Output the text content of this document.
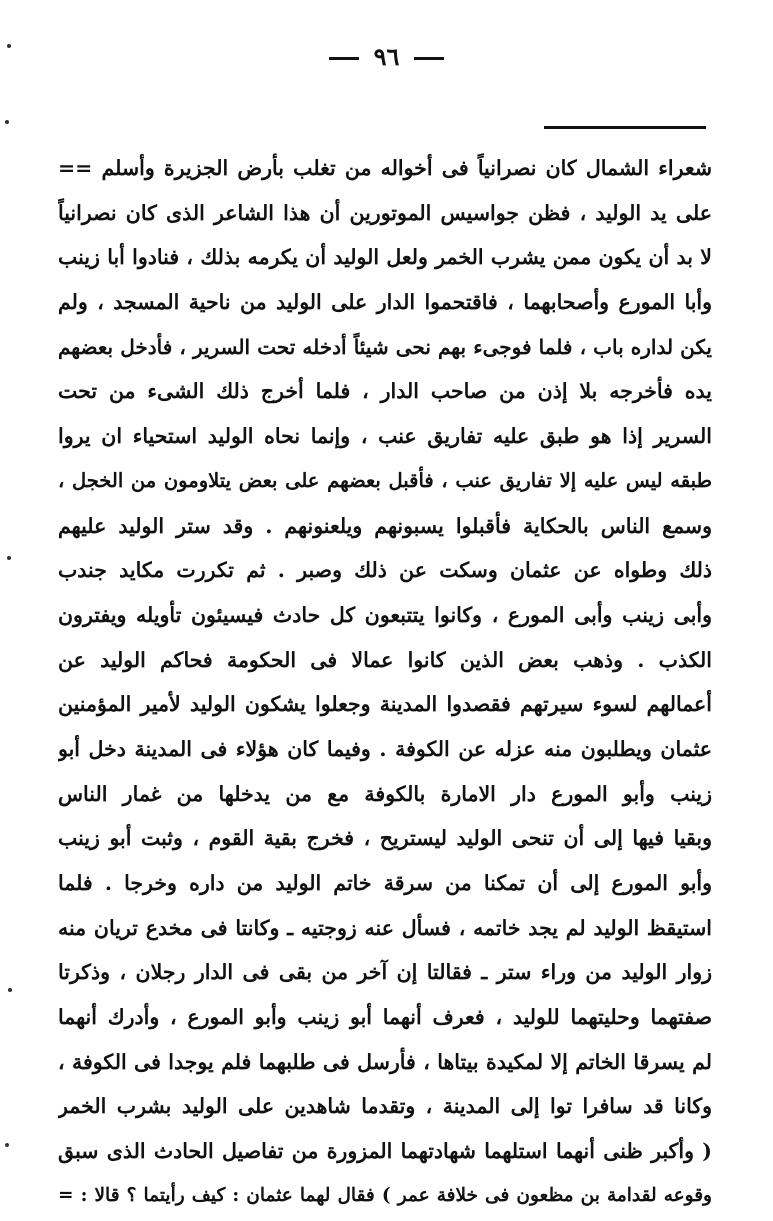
٩٦
شعراء الشمال كان نصرانياً فى أخواله من تغلب بأرض الجزيرة وأسلم ==
على يد الوليد ، فظن جواسيس الموتورين أن هذا الشاعر الذى كان نصرانياً
لا بد أن يكون ممن يشرب الخمر ولعل الوليد أن يكرمه بذلك ، فنادوا أبا زينب
وأبا المورع وأصحابهما ، فاقتحموا الدار على الوليد من ناحية المسجد ، ولم
يكن لداره باب ، فلما فوجىء بهم نحى شيئاً أدخله تحت السرير ، فأدخل بعضهم
يده فأخرجه بلا إذن من صاحب الدار ، فلما أخرج ذلك الشىء من تحت
السرير إذا هو طبق عليه تفاريق عنب ، وإنما نحاه الوليد استحياء ان يروا
طبقه ليس عليه إلا تفاريق عنب ، فأقبل بعضهم على بعض يتلاومون من الخجل ،
وسمع الناس بالحكاية فأقبلوا يسبونهم ويلعنونهم . وقد ستر الوليد عليهم
ذلك وطواه عن عثمان وسكت عن ذلك وصبر . ثم تكررت مكايد جندب
وأبى زينب وأبى المورع ، وكانوا يتتبعون كل حادث فيسيئون تأويله ويفترون
الكذب . وذهب بعض الذين كانوا عمالا فى الحكومة فحاكم الوليد عن
أعمالهم لسوء سيرتهم فقصدوا المدينة وجعلوا يشكون الوليد لأمير المؤمنين
عثمان ويطلبون منه عزله عن الكوفة . وفيما كان هؤلاء فى المدينة دخل أبو
زينب وأبو المورع دار الامارة بالكوفة مع من يدخلها من غمار الناس
وبقيا فيها إلى أن تنحى الوليد ليستريح ، فخرج بقية القوم ، وثبت أبو زينب
وأبو المورع إلى أن تمكنا من سرقة خاتم الوليد من داره وخرجا . فلما
استيقظ الوليد لم يجد خاتمه ، فسأل عنه زوجتيه ـ وكانتا فى مخدع تريان منه
زوار الوليد من وراء ستر ـ فقالتا إن آخر من بقى فى الدار رجلان ، وذكرتا
صفتهما وحليتهما للوليد ، فعرف أنهما أبو زينب وأبو المورع ، وأدرك أنهما
لم يسرقا الخاتم إلا لمكيدة بيتاها ، فأرسل فى طلبهما فلم يوجدا فى الكوفة ،
وكانا قد سافرا توا إلى المدينة ، وتقدما شاهدين على الوليد بشرب الخمر
( وأكبر ظنى أنهما استلهما شهادتهما المزورة من تفاصيل الحادث الذى سبق
وقوعه لقدامة بن مظعون فى خلافة عمر ) فقال لهما عثمان : كيف رأيتما ؟ قالا : =
